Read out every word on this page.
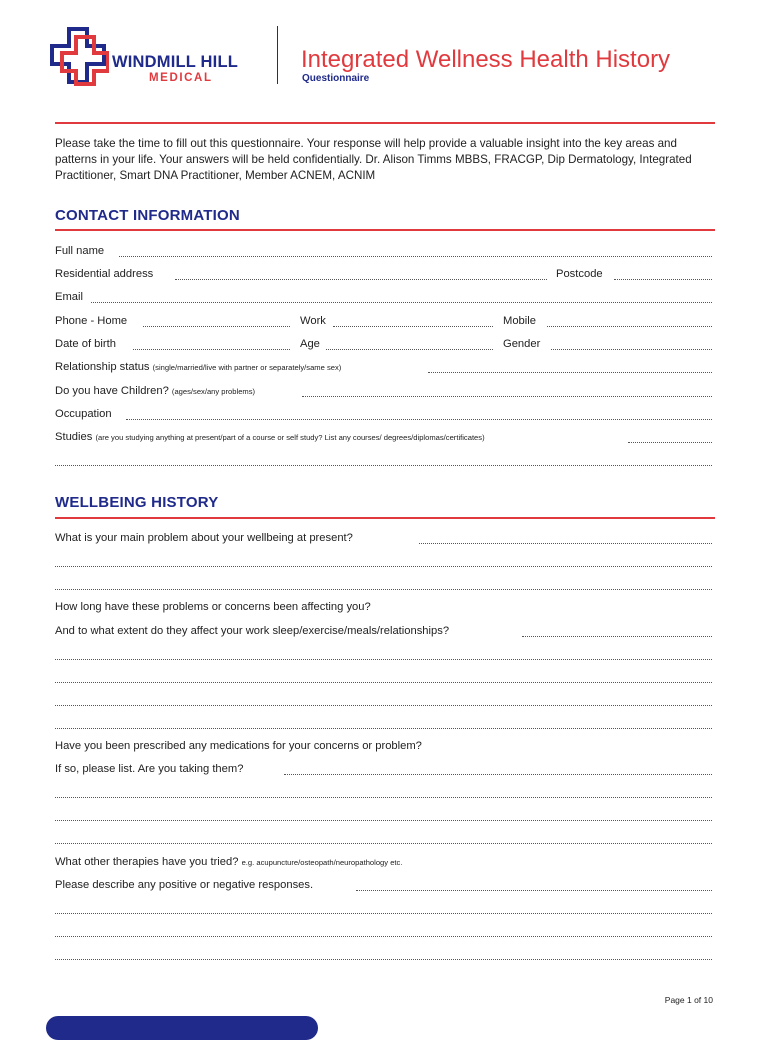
WINDMILL HILL
MEDICAL
Integrated Wellness Health History
Questionnaire
Please take the time to fill out this questionnaire. Your response will help provide a valuable insight into the key areas and patterns in your life. Your answers will be held confidentially. Dr. Alison Timms MBBS, FRACGP, Dip Dermatology, Integrated Practitioner, Smart DNA Practitioner, Member ACNEM, ACNIM
CONTACT INFORMATION
Full name
Residential address	Postcode
Email
Phone - Home	Work	Mobile
Date of birth	Age	Gender
Relationship status (single/married/live with partner or separately/same sex)
Do you have Children? (ages/sex/any problems)
Occupation
Studies (are you studying anything at present/part of a course or self study? List any courses/ degrees/diplomas/certificates)
WELLBEING HISTORY
What is your main problem about your wellbeing at present?
How long have these problems or concerns been affecting you?
And to what extent do they affect your work sleep/exercise/meals/relationships?
Have you been prescribed any medications for your concerns or problem?
If so, please list. Are you taking them?
What other therapies have you tried? e.g. acupuncture/osteopath/neuropathology etc.
Please describe any positive or negative responses.
Page 1 of 10
